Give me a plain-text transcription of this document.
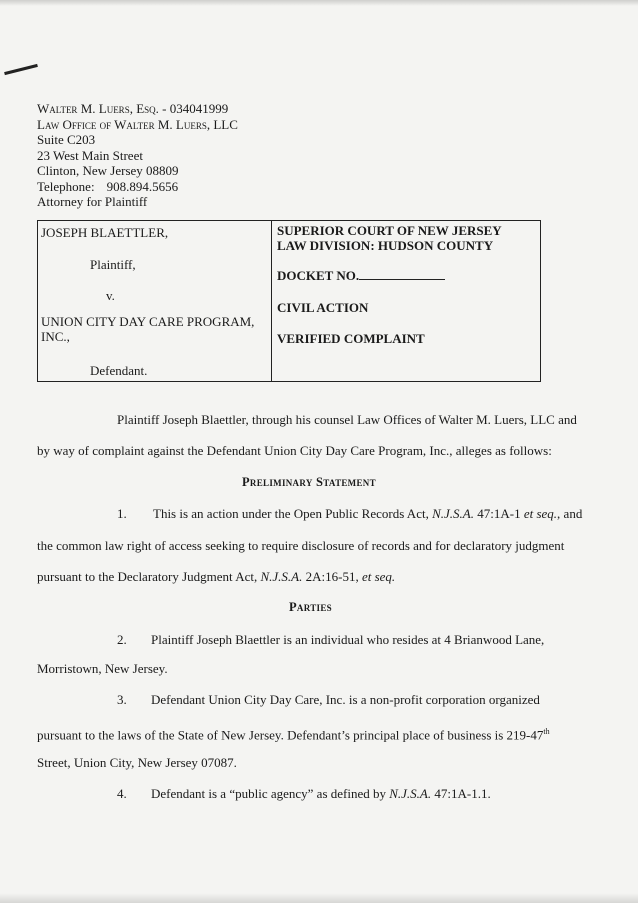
Walter M. Luers, Esq. - 034041999
Law Office of Walter M. Luers, LLC
Suite C203
23 West Main Street
Clinton, New Jersey 08809
Telephone: 908.894.5656
Attorney for Plaintiff
JOSEPH BLAETTLER,
Plaintiff,
v.
UNION CITY DAY CARE PROGRAM,
INC.,
Defendant.
SUPERIOR COURT OF NEW JERSEY
LAW DIVISION: HUDSON COUNTY
DOCKET NO.
CIVIL ACTION
VERIFIED COMPLAINT
Plaintiff Joseph Blaettler, through his counsel Law Offices of Walter M. Luers, LLC and
by way of complaint against the Defendant Union City Day Care Program, Inc., alleges as follows:
Preliminary Statement
1. This is an action under the Open Public Records Act, N.J.S.A. 47:1A-1 et seq., and
the common law right of access seeking to require disclosure of records and for declaratory judgment
pursuant to the Declaratory Judgment Act, N.J.S.A. 2A:16-51, et seq.
Parties
2. Plaintiff Joseph Blaettler is an individual who resides at 4 Brianwood Lane,
Morristown, New Jersey.
3. Defendant Union City Day Care, Inc. is a non-profit corporation organized
pursuant to the laws of the State of New Jersey. Defendant’s principal place of business is 219-47th
Street, Union City, New Jersey 07087.
4. Defendant is a “public agency” as defined by N.J.S.A. 47:1A-1.1.
